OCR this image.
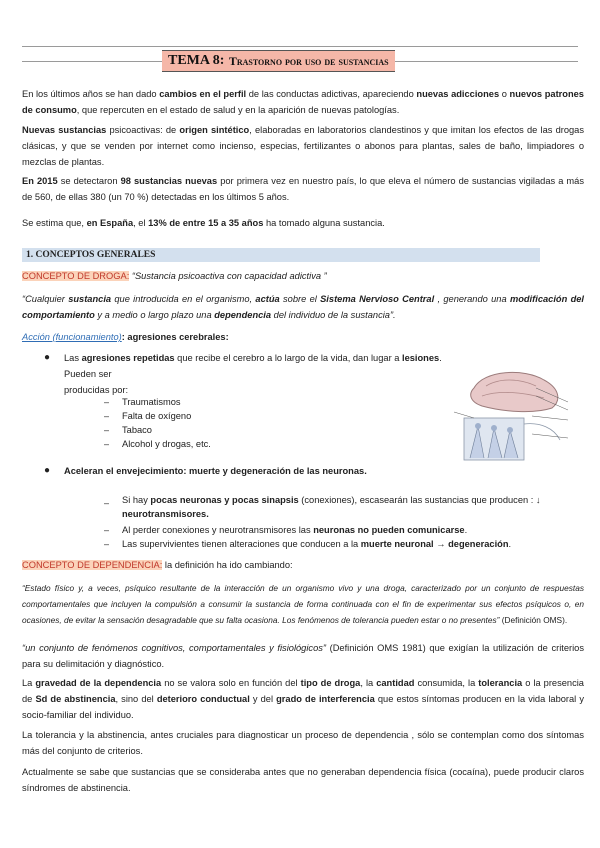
TEMA 8:
Trastorno por uso de sustancias
En los últimos años se han dado cambios en el perfil de las conductas adictivas, apareciendo nuevas adicciones o nuevos patrones de consumo, que repercuten en el estado de salud y en la aparición de nuevas patologías.
Nuevas sustancias psicoactivas: de origen sintético, elaboradas en laboratorios clandestinos y que imitan los efectos de las drogas clásicas, y que se venden por internet como incienso, especias, fertilizantes o abonos para plantas, sales de baño, limpiadores o mezclas de plantas.
En 2015 se detectaron 98 sustancias nuevas por primera vez en nuestro país, lo que eleva el número de sustancias vigiladas a más de 560, de ellas 380 (un 70 %) detectadas en los últimos 5 años.
Se estima que, en España, el 13% de entre 15 a 35 años ha tomado alguna sustancia.
1. CONCEPTOS GENERALES
CONCEPTO DE DROGA: “Sustancia psicoactiva con capacidad adictiva ”
“Cualquier sustancia que introducida en el organismo, actúa sobre el Sistema Nervioso Central , generando una modificación del comportamiento y a medio o largo plazo una dependencia del individuo de la sustancia”.
Acción (funcionamiento): agresiones cerebrales:
● Las agresiones repetidas que recibe el cerebro a lo largo de la vida, dan lugar a lesiones. Pueden ser
producidas por:
– Traumatismos
– Falta de oxígeno
– Tabaco
– Alcohol y drogas, etc.
● Aceleran el envejecimiento: muerte y degeneración de las neuronas.
– Si hay pocas neuronas y pocas sinapsis (conexiones), escasearán las sustancias que producen : ↓
neurotransmisores.
– Al perder conexiones y neurotransmisores las neuronas no pueden comunicarse.
– Las supervivientes tienen alteraciones que conducen a la muerte neuronal → degeneración.
CONCEPTO DE DEPENDENCIA: la definición ha ido cambiando:
“Estado físico y, a veces, psíquico resultante de la interacción de un organismo vivo y una droga, caracterizado por un conjunto de respuestas comportamentales que incluyen la compulsión a consumir la sustancia de forma continuada con el fin de experimentar sus efectos psíquicos o, en ocasiones, de evitar la sensación desagradable que su falta ocasiona. Los fenómenos de tolerancia pueden estar o no presentes” (Definición OMS).
“un conjunto de fenómenos cognitivos, comportamentales y fisiológicos” (Definición OMS 1981) que exigían la utilización de criterios para su delimitación y diagnóstico.
La gravedad de la dependencia no se valora solo en función del tipo de droga, la cantidad consumida, la tolerancia o la presencia de Sd de abstinencia, sino del deterioro conductual y del grado de interferencia que estos síntomas producen en la vida laboral y socio-familiar del individuo.
La tolerancia y la abstinencia, antes cruciales para diagnosticar un proceso de dependencia , sólo se contemplan como dos síntomas más del conjunto de criterios.
Actualmente se sabe que sustancias que se consideraba antes que no generaban dependencia física (cocaína), puede producir claros síndromes de abstinencia.
